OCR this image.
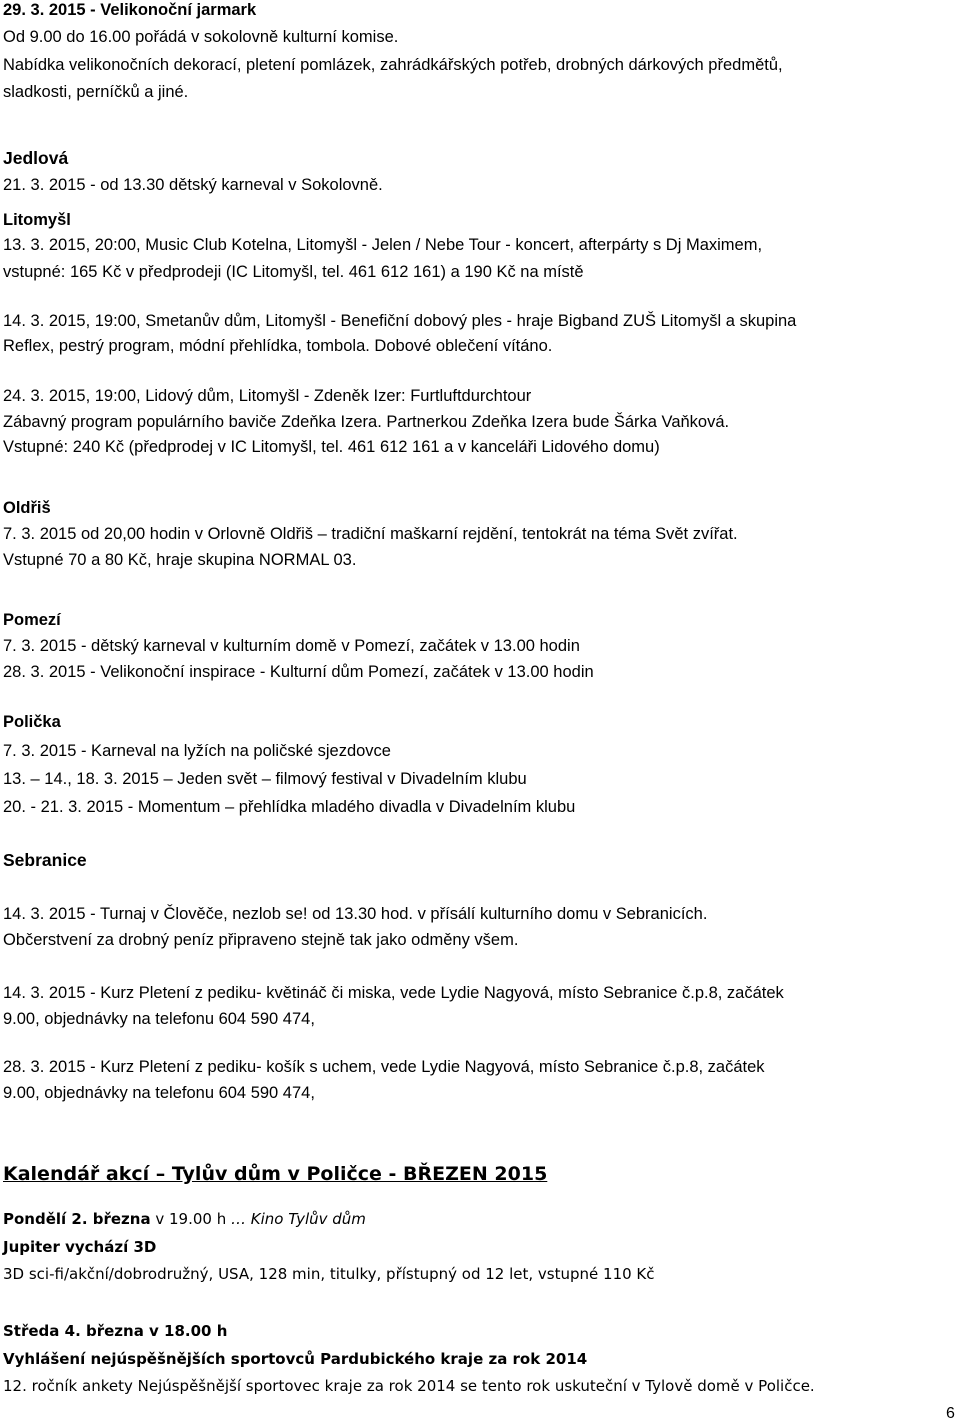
29. 3. 2015 - Velikonoční jarmark
Od 9.00 do 16.00 pořádá v sokolovně kulturní komise.
Nabídka velikonočních dekorací, pletení pomlázek, zahrádkářských potřeb, drobných dárkových předmětů,
sladkosti, perníčků a jiné.
Jedlová
21. 3. 2015 - od 13.30 dětský karneval v Sokolovně.
Litomyšl
13. 3. 2015, 20:00, Music Club Kotelna, Litomyšl - Jelen / Nebe Tour - koncert, afterpárty s Dj Maximem,
vstupné: 165 Kč v předprodeji (IC Litomyšl, tel. 461 612 161) a 190 Kč na místě
14. 3. 2015, 19:00, Smetanův dům, Litomyšl - Benefiční dobový ples - hraje Bigband ZUŠ Litomyšl a skupina
Reflex, pestrý program, módní přehlídka, tombola. Dobové oblečení vítáno.
24. 3. 2015, 19:00, Lidový dům, Litomyšl - Zdeněk Izer: Furtluftdurchtour
Zábavný program populárního baviče Zdeňka Izera. Partnerkou Zdeňka Izera bude Šárka Vaňková.
Vstupné: 240 Kč (předprodej v IC Litomyšl, tel. 461 612 161 a v kanceláři Lidového domu)
Oldřiš
7. 3. 2015 od 20,00 hodin v Orlovně Oldřiš – tradiční maškarní rejdění, tentokrát na téma Svět zvířat.
Vstupné 70 a 80 Kč, hraje skupina NORMAL 03.
Pomezí
7. 3. 2015 - dětský karneval v kulturním domě v Pomezí, začátek v 13.00 hodin
28. 3. 2015 - Velikonoční inspirace - Kulturní dům Pomezí, začátek v 13.00 hodin
Polička
7. 3. 2015 - Karneval na lyžích na poličské sjezdovce
13. – 14., 18. 3. 2015 – Jeden svět – filmový festival v Divadelním klubu
20. - 21. 3. 2015 - Momentum – přehlídka mladého divadla v Divadelním klubu
Sebranice
14. 3. 2015 - Turnaj v Člověče, nezlob se! od 13.30 hod. v přísálí kulturního domu v Sebranicích.
Občerstvení za drobný peníz připraveno stejně tak jako odměny všem.
14. 3. 2015 - Kurz Pletení z pediku- květináč či miska, vede Lydie Nagyová, místo Sebranice č.p.8, začátek
9.00, objednávky na telefonu 604 590 474,
28. 3. 2015 - Kurz Pletení z pediku- košík s uchem, vede Lydie Nagyová, místo Sebranice č.p.8, začátek
9.00, objednávky na telefonu 604 590 474,
Kalendář akcí – Tylův dům v Poličce - BŘEZEN 2015
Pondělí 2. března v 19.00 h … Kino Tylův dům
Jupiter vychází 3D
3D sci-fi/akční/dobrodružný, USA, 128 min, titulky, přístupný od 12 let, vstupné 110 Kč
Středa 4. března v 18.00 h
Vyhlášení nejúspěšnějších sportovců Pardubického kraje za rok 2014
12. ročník ankety Nejúspěšnější sportovec kraje za rok 2014 se tento rok uskuteční v Tylově domě v Poličce.
6
